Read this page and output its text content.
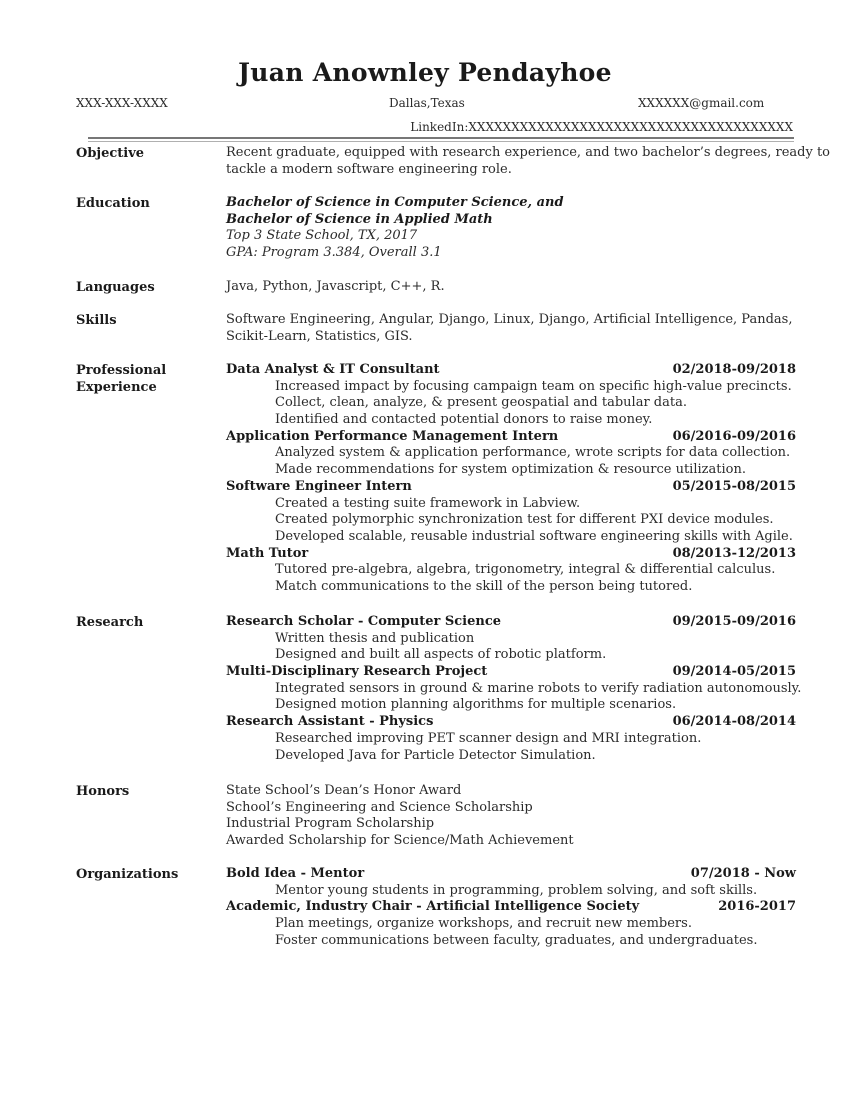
Juan Anownley Pendayhoe
XXX-XXX-XXXX	Dallas,Texas	XXXXXX@gmail.com
LinkedIn:XXXXXXXXXXXXXXXXXXXXXXXXXXXXXXXXXXXXXX
Objective	Recent graduate, equipped with research experience, and two bachelor’s degrees, ready to
tackle a modern software engineering role.
Education	Bachelor of Science in Computer Science, and
Bachelor of Science in Applied Math
Top 3 State School, TX, 2017
GPA: Program 3.384, Overall 3.1
Languages	Java, Python, Javascript, C++, R.
Skills	Software Engineering, Angular, Django, Linux, Django, Artificial Intelligence, Pandas,
Scikit-Learn, Statistics, GIS.
Professional
Experience
Data Analyst & IT Consultant	02/2018-09/2018
Increased impact by focusing campaign team on specific high-value precincts.
Collect, clean, analyze, & present geospatial and tabular data.
Identified and contacted potential donors to raise money.
Application Performance Management Intern	06/2016-09/2016
Analyzed system & application performance, wrote scripts for data collection.
Made recommendations for system optimization & resource utilization.
Software Engineer Intern	05/2015-08/2015
Created a testing suite framework in Labview.
Created polymorphic synchronization test for different PXI device modules.
Developed scalable, reusable industrial software engineering skills with Agile.
Math Tutor	08/2013-12/2013
Tutored pre-algebra, algebra, trigonometry, integral & differential calculus.
Match communications to the skill of the person being tutored.
Research	Research Scholar - Computer Science	09/2015-09/2016
Written thesis and publication
Designed and built all aspects of robotic platform.
Multi-Disciplinary Research Project	09/2014-05/2015
Integrated sensors in ground & marine robots to verify radiation autonomously.
Designed motion planning algorithms for multiple scenarios.
Research Assistant - Physics	06/2014-08/2014
Researched improving PET scanner design and MRI integration.
Developed Java for Particle Detector Simulation.
Honors	State School’s Dean’s Honor Award
School’s Engineering and Science Scholarship
Industrial Program Scholarship
Awarded Scholarship for Science/Math Achievement
Organizations	Bold Idea - Mentor	07/2018 - Now
Mentor young students in programming, problem solving, and soft skills.
Academic, Industry Chair - Artificial Intelligence Society	2016-2017
Plan meetings, organize workshops, and recruit new members.
Foster communications between faculty, graduates, and undergraduates.
